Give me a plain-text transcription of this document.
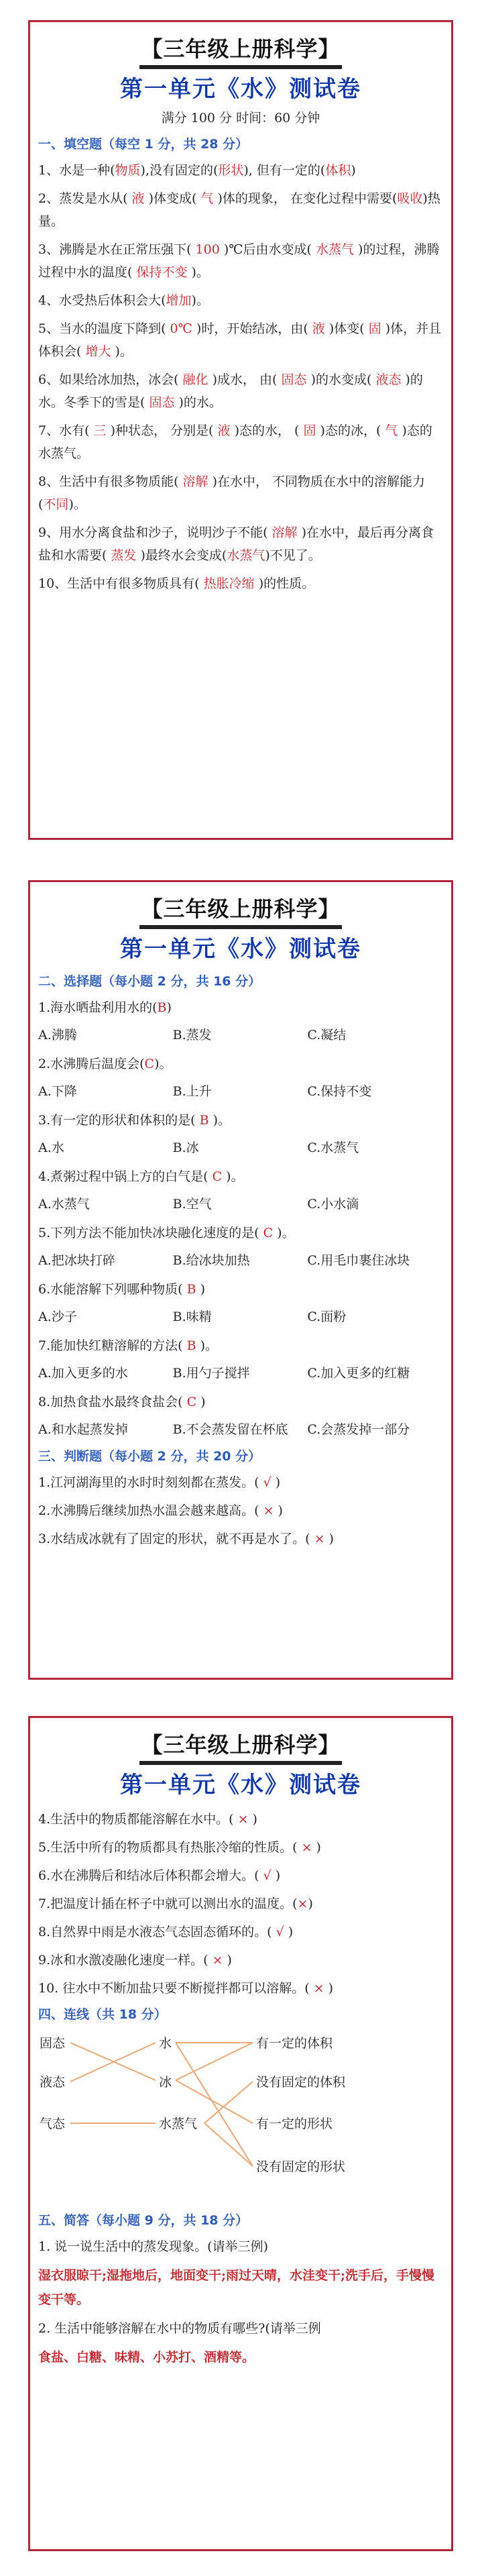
【三年级上册科学】
第一单元《水》测试卷
满分 100 分 时间：60 分钟
一、填空题（每空 1 分，共 28 分）
1、水是一种(物质),没有固定的(形状), 但有一定的(体积)
2、蒸发是水从( 液 )体变成( 气 )体的现象， 在变化过程中需要(吸收)热量。
3、沸腾是水在正常压强下( 100 )℃后由水变成( 水蒸气 )的过程，沸腾过程中水的温度( 保持不变 )。
4、水受热后体积会大(增加)。
5、当水的温度下降到( 0℃ )时，开始结冰，由( 液 )体变( 固 )体，并且体积会( 增大 )。
6、如果给冰加热，冰会( 融化 )成水， 由( 固态 )的水变成( 液态 )的水。冬季下的雪是( 固态 )的水。
7、水有( 三 )种状态， 分别是( 液 )态的水， ( 固 )态的冰，( 气 )态的水蒸气。
8、生活中有很多物质能( 溶解 )在水中， 不同物质在水中的溶解能力(不同)。
9、用水分离食盐和沙子，说明沙子不能( 溶解 )在水中，最后再分离食盐和水需要( 蒸发 )最终水会变成(水蒸气)不见了。
10、生活中有很多物质具有( 热胀冷缩 )的性质。
【三年级上册科学】
第一单元《水》测试卷
二、选择题（每小题 2 分，共 16 分）
1.海水晒盐利用水的(B)
A.沸腾	B.蒸发	C.凝结
2.水沸腾后温度会(C)。
A.下降	B.上升	C.保持不变
3.有一定的形状和体积的是( B )。
A.水	B.冰	C.水蒸气
4.煮粥过程中锅上方的白气是( C )。
A.水蒸气	B.空气	C.小水滴
5.下列方法不能加快冰块融化速度的是( C )。
A.把冰块打碎	B.给冰块加热	C.用毛巾裹住冰块
6.水能溶解下列哪种物质( B )
A.沙子	B.味精	C.面粉
7.能加快红糖溶解的方法( B )。
A.加入更多的水	B.用勺子搅拌	C.加入更多的红糖
8.加热食盐水最终食盐会( C )
A.和水起蒸发掉	B.不会蒸发留在杯底	C.会蒸发掉一部分
三、判断题（每小题 2 分，共 20 分）
1.江河湖海里的水时时刻刻都在蒸发。( √ )
2.水沸腾后继续加热水温会越来越高。( × )
3.水结成冰就有了固定的形状，就不再是水了。( × )
【三年级上册科学】
第一单元《水》测试卷
4.生活中的物质都能溶解在水中。( × )
5.生活中所有的物质都具有热胀冷缩的性质。( × )
6.水在沸腾后和结冰后体积都会增大。( √ )
7.把温度计插在杯子中就可以测出水的温度。(×)
8.自然界中雨是水液态气态固态循环的。( √ )
9.冰和水激凌融化速度一样。( × )
10. 往水中不断加盐只要不断搅拌都可以溶解。( × )
四、连线（共 18 分）
固态
液态
气态
水
冰
水蒸气
有一定的体积
没有固定的体积
有一定的形状
没有固定的形状
五、简答（每小题 9 分，共 18 分）
1. 说一说生活中的蒸发现象。(请举三例)
湿衣服晾干;湿拖地后，地面变干;雨过天晴，水洼变干;洗手后，手慢慢变干等。
2. 生活中能够溶解在水中的物质有哪些?(请举三例
食盐、白糖、味精、小苏打、酒精等。
